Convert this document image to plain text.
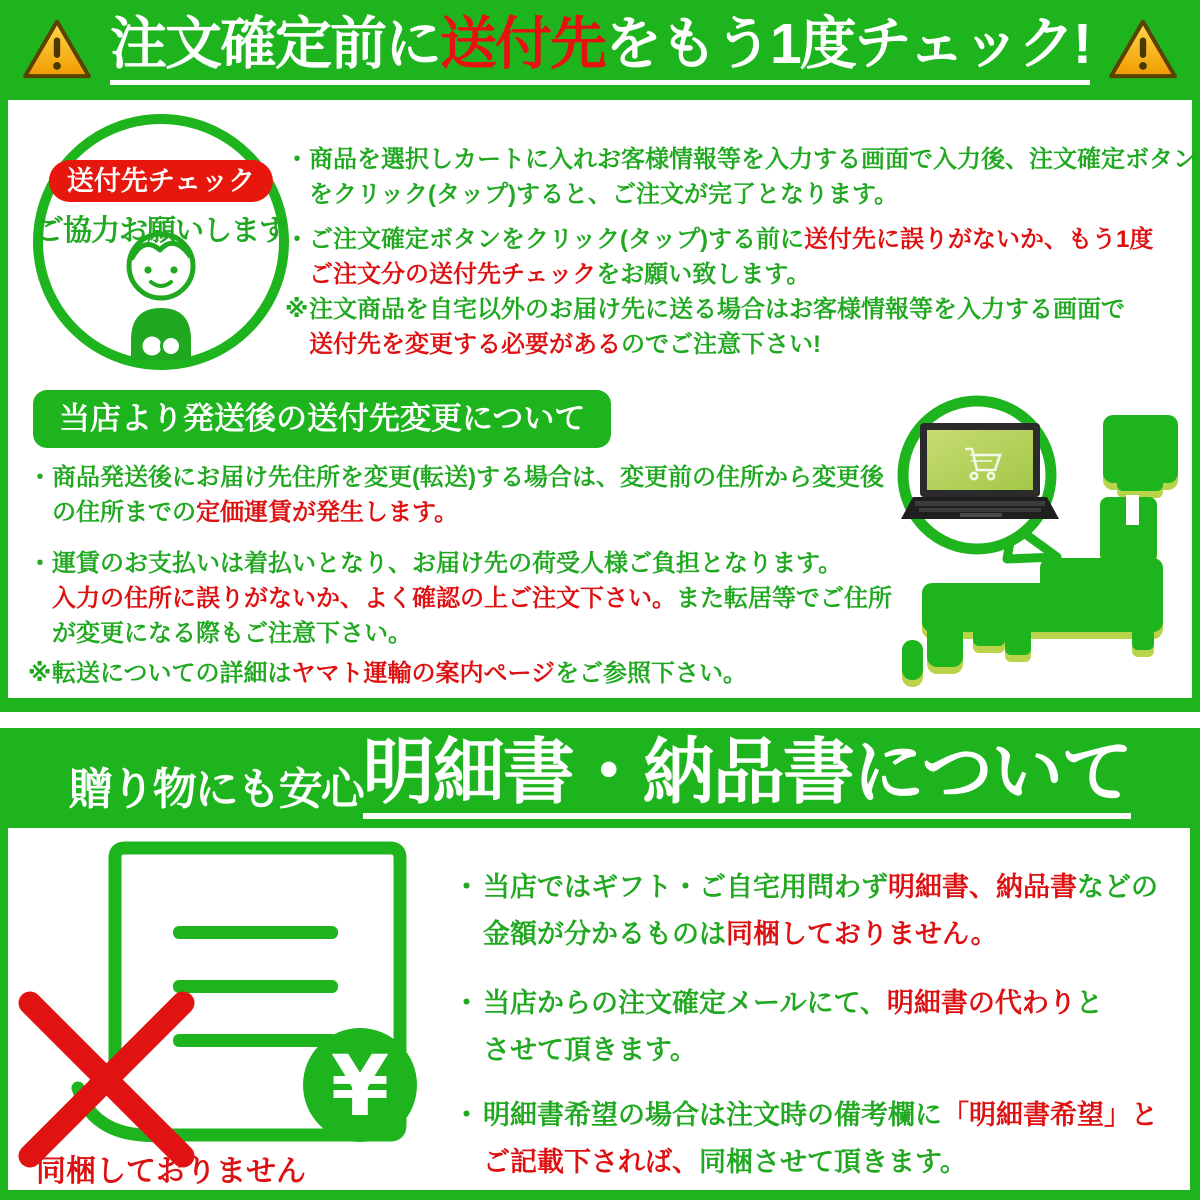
注文確定前に送付先をもう1度チェック!
送付先チェック
ご協力お願いします
・ 商品を選択しカートに入れお客様情報等を入力する画面で入力後、注文確定ボタン
をクリック(タップ)すると、ご注文が完了となります。
・ ご注文確定ボタンをクリック(タップ)する前に送付先に誤りがないか、もう1度
ご注文分の送付先チェックをお願い致します。
※ 注文商品を自宅以外のお届け先に送る場合はお客様情報等を入力する画面で
送付先を変更する必要があるのでご注意下さい!
当店より発送後の送付先変更について
・ 商品発送後にお届け先住所を変更(転送)する場合は、変更前の住所から変更後
の住所までの定価運賃が発生します。
・ 運賃のお支払いは着払いとなり、お届け先の荷受人様ご負担となります。
入力の住所に誤りがないか、よく確認の上ご注文下さい。また転居等でご住所
が変更になる際もご注意下さい。
※ 転送についての詳細はヤマト運輸の案内ページをご参照下さい。
贈り物にも安心 明細書・納品書について
¥
同梱しておりません
・ 当店ではギフト・ご自宅用問わず明細書、納品書などの
金額が分かるものは同梱しておりません。
・ 当店からの注文確定メールにて、明細書の代わりと
させて頂きます。
・ 明細書希望の場合は注文時の備考欄に「明細書希望」と
ご記載下されば、同梱させて頂きます。
